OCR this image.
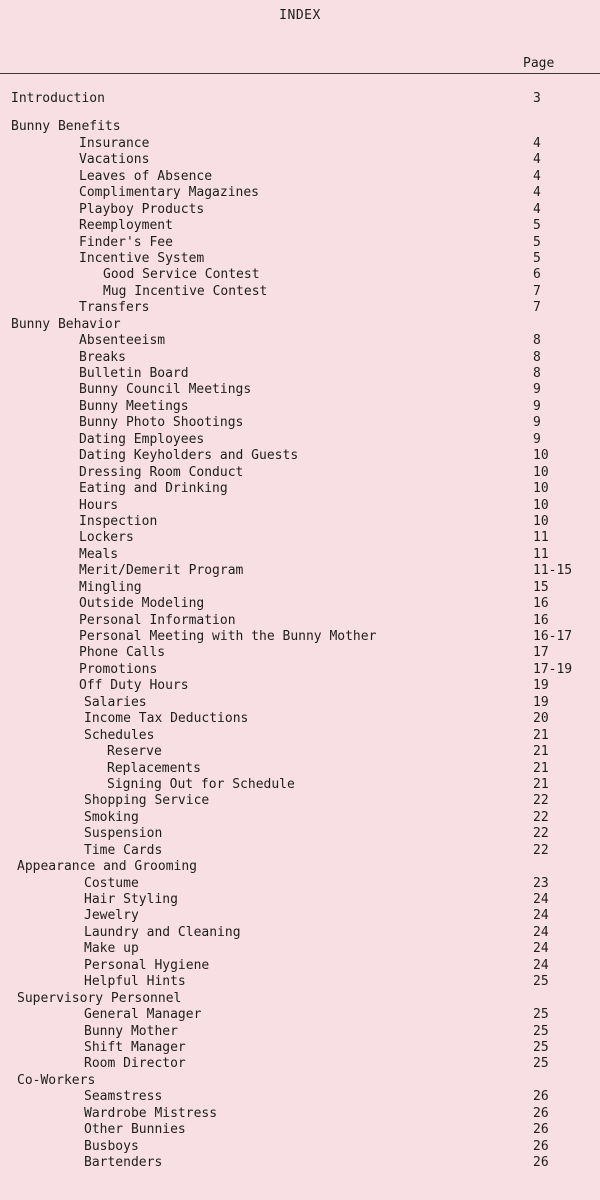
INDEX
Page
Introduction	3
Bunny Benefits
Insurance	4
Vacations	4
Leaves of Absence	4
Complimentary Magazines	4
Playboy Products	4
Reemployment	5
Finder's Fee	5
Incentive System	5
Good Service Contest	6
Mug Incentive Contest	7
Transfers	7
Bunny Behavior
Absenteeism	8
Breaks	8
Bulletin Board	8
Bunny Council Meetings	9
Bunny Meetings	9
Bunny Photo Shootings	9
Dating Employees	9
Dating Keyholders and Guests	10
Dressing Room Conduct	10
Eating and Drinking	10
Hours	10
Inspection	10
Lockers	11
Meals	11
Merit/Demerit Program	11-15
Mingling	15
Outside Modeling	16
Personal Information	16
Personal Meeting with the Bunny Mother	16-17
Phone Calls	17
Promotions	17-19
Off Duty Hours	19
Salaries	19
Income Tax Deductions	20
Schedules	21
Reserve	21
Replacements	21
Signing Out for Schedule	21
Shopping Service	22
Smoking	22
Suspension	22
Time Cards	22
Appearance and Grooming
Costume	23
Hair Styling	24
Jewelry	24
Laundry and Cleaning	24
Make up	24
Personal Hygiene	24
Helpful Hints	25
Supervisory Personnel
General Manager	25
Bunny Mother	25
Shift Manager	25
Room Director	25
Co-Workers
Seamstress	26
Wardrobe Mistress	26
Other Bunnies	26
Busboys	26
Bartenders	26
